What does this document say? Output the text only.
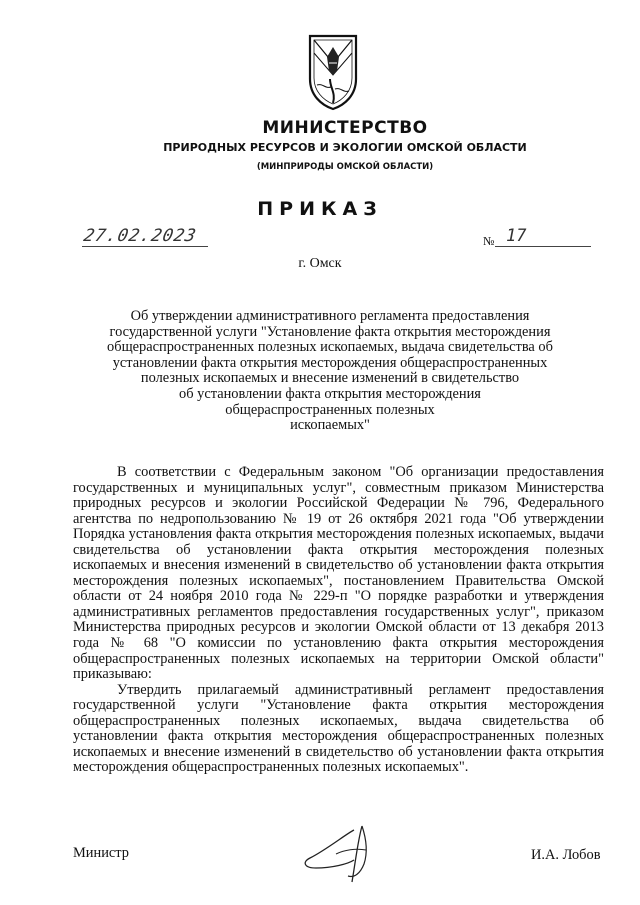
МИНИСТЕРСТВО
ПРИРОДНЫХ РЕСУРСОВ И ЭКОЛОГИИ ОМСКОЙ ОБЛАСТИ
(МИНПРИРОДЫ ОМСКОЙ ОБЛАСТИ)
ПРИКАЗ
27.02.2023	№ 17
г. Омск
Об утверждении административного регламента предоставления
государственной услуги "Установление факта открытия месторождения
общераспространенных полезных ископаемых, выдача свидетельства об
установлении факта открытия месторождения общераспространенных
полезных ископаемых и внесение изменений в свидетельство
об установлении факта открытия месторождения
общераспространенных полезных
ископаемых"

В соответствии с Федеральным законом "Об организации предоставления государственных и муниципальных услуг", совместным приказом Министерства природных ресурсов и экологии Российской Федерации № 796, Федерального агентства по недропользованию № 19 от 26 октября 2021 года "Об утверждении Порядка установления факта открытия месторождения полезных ископаемых, выдачи свидетельства об установлении факта открытия месторождения полезных ископаемых и внесения изменений в свидетельство об установлении факта открытия месторождения полезных ископаемых", постановлением Правительства Омской области от 24 ноября 2010 года № 229-п "О порядке разработки и утверждения административных регламентов предоставления государственных услуг", приказом Министерства природных ресурсов и экологии Омской области от 13 декабря 2013 года № 68 "О комиссии по установлению факта открытия месторождения общераспространенных полезных ископаемых на территории Омской области" приказываю:

Утвердить прилагаемый административный регламент предоставления государственной услуги "Установление факта открытия месторождения общераспространенных полезных ископаемых, выдача свидетельства об установлении факта открытия месторождения общераспространенных полезных ископаемых и внесение изменений в свидетельство об установлении факта открытия месторождения общераспространенных полезных ископаемых".

Министр	И.А. Лобов
